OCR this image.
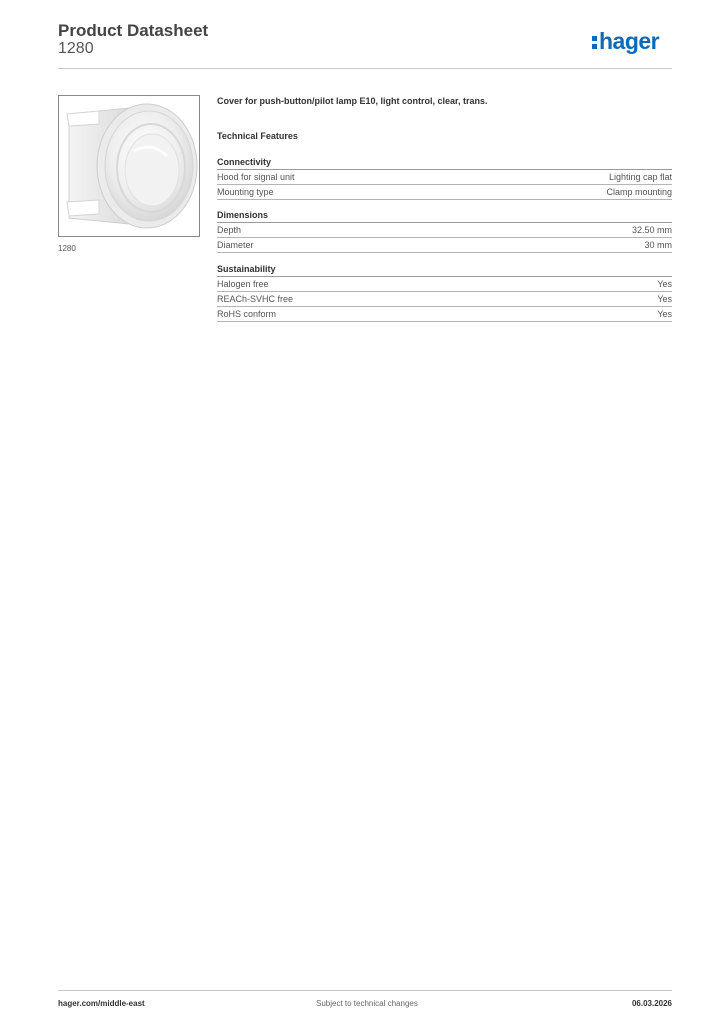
Product Datasheet
1280	hager
1280
Cover for push-button/pilot lamp E10, light control, clear, trans.
Technical Features
Connectivity
Hood for signal unit	Lighting cap flat
Mounting type	Clamp mounting
Dimensions
Depth	32.50 mm
Diameter	30 mm
Sustainability
Halogen free	Yes
REACh-SVHC free	Yes
RoHS conform	Yes
hager.com/middle-east	Subject to technical changes	06.03.2026
